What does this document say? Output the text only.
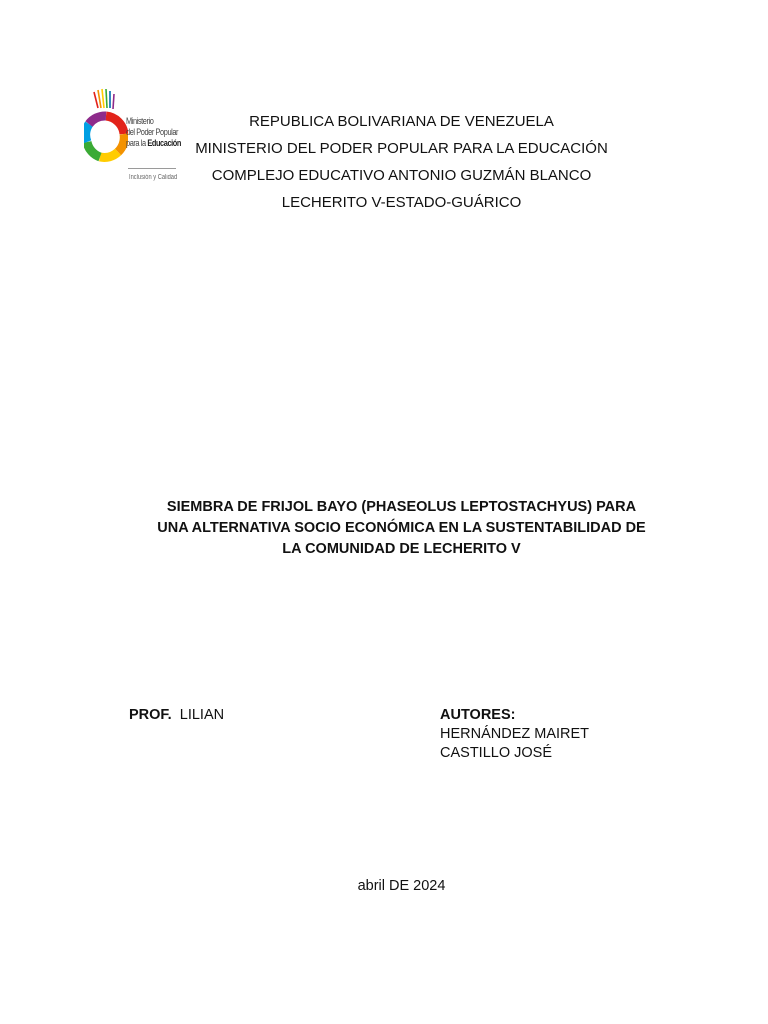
Ministerio
del Poder Popular
para la Educación
Inclusión y Calidad
REPUBLICA BOLIVARIANA DE VENEZUELA
MINISTERIO DEL PODER POPULAR PARA LA EDUCACIÓN
COMPLEJO EDUCATIVO ANTONIO GUZMÁN BLANCO
LECHERITO V-ESTADO-GUÁRICO
SIEMBRA DE FRIJOL BAYO (PHASEOLUS LEPTOSTACHYUS) PARA
UNA ALTERNATIVA SOCIO ECONÓMICA EN LA SUSTENTABILIDAD DE
LA COMUNIDAD DE LECHERITO V
PROF. LILIAN	AUTORES:
HERNÁNDEZ MAIRET
CASTILLO JOSÉ
abril DE 2024
